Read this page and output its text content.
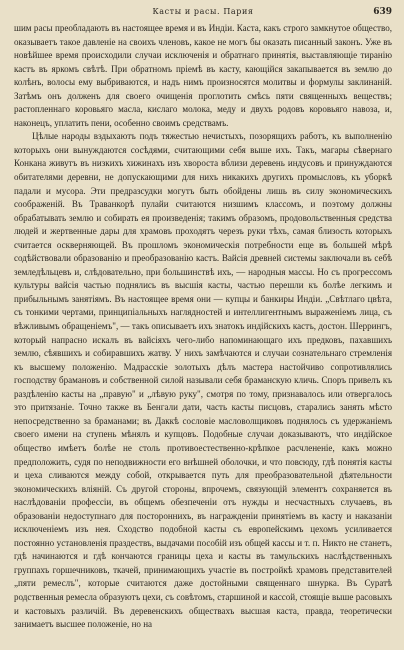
Касты и расы. Пария	639

шим расы преобладають въ настоящее время и въ Индіи. Каста, какъ строго замкнутое общество, оказываетъ такое давленіе на своихъ членовъ, какое не могъ бы оказать писанный законъ. Уже въ новѣйшее время происходили случаи исключенія и обратнаго принятія, выставляющіе тиранію кастъ въ яркомъ свѣтѣ. При обратномъ пріемѣ въ касту, кающійся закапывается въ землю до колѣнъ, волосы ему выбриваются, и надъ нимъ произносятся молитвы и формулы заклинаній. Затѣмъ онъ долженъ для своего очищенія проглотить смѣсь пяти священныхъ веществъ; растопленнаго коровьяго масла, кислаго молока, меду и двухъ родовъ коровьяго навоза, и, наконецъ, уплатить пени, особенно своимъ средствамъ.

Цѣлые народы вздыхаютъ подъ тяжестью нечистыхъ, позорящихъ работъ, къ выполненію которыхъ они вынуждаются сосѣдями, считающими себя выше ихъ. Такъ, магары сѣвернаго Конкана живутъ въ низкихъ хижинахъ изъ хвороста вблизи деревень индусовъ и принуждаются обитателями деревни, не допускающими для нихъ никакихъ другихъ промысловъ, къ уборкѣ падали и мусора. Эти предразсудки могутъ быть обойдены лишь въ силу экономическихъ соображеній. Въ Траванкорѣ пулайи считаются низшимъ классомъ, и поэтому должны обрабатывать землю и собирать ея произведенія; такимъ образомъ, продовольственныя средства людей и жертвенные дары для храмовъ проходятъ черезъ руки тѣхъ, самая близость которыхъ считается оскверняющей. Въ прошломъ экономическія потребности еще въ большей мѣрѣ содѣйствовали образованію и преобразованію кастъ. Вайсія древней системы заключали въ себѣ земледѣльцевъ и, слѣдовательно, при большинствѣ ихъ, — народныя массы. Но съ прогрессомъ культуры вайсія частью поднялись въ высшія касты, частью перешли къ болѣе легкимъ и прибыльнымъ занятіямъ. Въ настоящее время они — купцы и банкиры Индіи. „Свѣтлаго цвѣта, съ тонкими чертами, принципіальныхъ наглядностей и интеллигентнымъ выраженіемъ лица, съ вѣжливымъ обращеніемъ", — такъ описываетъ ихъ знатокъ индійскихъ кастъ, достон. Шеррингъ, который напрасно искалъ въ вайсіяхъ чего-либо напоминающаго ихъ предковъ, пахавшихъ землю, сѣявшихъ и собиравшихъ жатву. У нихъ замѣчаются и случаи сознательнаго стремленія къ высшему положенію. Мадрасскіе золотыхъ дѣлъ мастера настойчиво сопротивлялись господству брамановъ и собственной силой называли себя браманскую кличь. Споръ привелъ къ раздѣленію касты на „правую" и „лѣвую руку", смотря по тому, признавалось или отвергалось это притязаніе. Точно также въ Бенгали дати, часть касты писцовъ, старались занять мѣсто непосредственно за браманами; въ Даккѣ сословіе масловолщиковъ поднялось съ удержаніемъ своего имени на ступень мѣнялъ и купцовъ. Подобные случаи доказываютъ, что индійское общество имѣетъ болѣе не столь противоестественно-крѣпкое расчлененіе, какъ можно предположить, судя по неподвижности его внѣшней оболочки, и что повсюду, гдѣ понятія касты и цеха сливаются между собой, открывается путь для преобразовательной дѣятельности экономическихъ вліяній. Съ другой стороны, впрочемъ, связующій элементъ сохраняется въ наслѣдованіи профессіи, въ общемъ обезпеченіи отъ нужды и несчастныхъ случаевъ, въ образованіи недоступнаго для постороннихъ, въ награжденіи принятіемъ въ касту и наказаніи исключеніемъ изъ нея. Сходство подобной касты съ европейскимъ цехомъ усиливается постоянно установленія праздествъ, выдачами пособій изъ общей кассы и т. п. Никто не станетъ, гдѣ начинаются и гдѣ кончаются границы цеха и касты въ тамульскихъ наслѣдственныхъ группахъ горшечниковъ, ткачей, принимающихъ участіе въ постройкѣ храмовъ представителей „пяти ремеслъ", которые считаются даже достойными священнаго шнурка. Въ Суратѣ родственныя ремесла образуютъ цехи, съ совѣтомъ, старшиной и кассой, стоящіе выше расовыхъ и кастовыхъ различій. Въ деревенскихъ обществахъ высшая каста, правда, теоретически занимаетъ высшее положеніе, но на
